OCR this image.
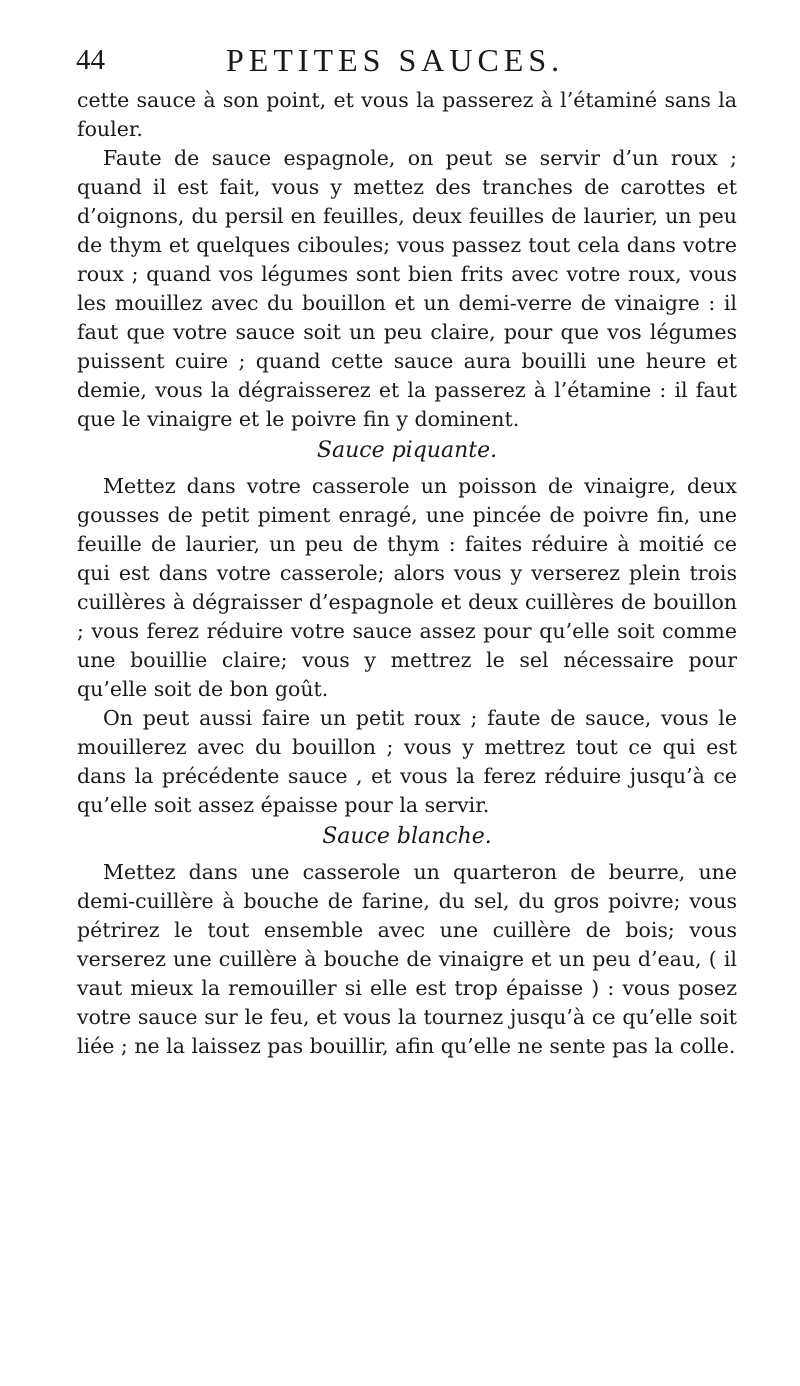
44	PETITES SAUCES.

cette sauce à son point, et vous la passerez à l’étaminé sans la fouler.

Faute de sauce espagnole, on peut se servir d’un roux ; quand il est fait, vous y mettez des tranches de carottes et d’oignons, du persil en feuilles, deux feuilles de laurier, un peu de thym et quelques ciboules; vous passez tout cela dans votre roux ; quand vos légumes sont bien frits avec votre roux, vous les mouillez avec du bouillon et un demi-verre de vinaigre : il faut que votre sauce soit un peu claire, pour que vos légumes puissent cuire ; quand cette sauce aura bouilli une heure et demie, vous la dégraisserez et la passerez à l’étamine : il faut que le vinaigre et le poivre fin y dominent.

Sauce piquante.

Mettez dans votre casserole un poisson de vinaigre, deux gousses de petit piment enragé, une pincée de poivre fin, une feuille de laurier, un peu de thym : faites réduire à moitié ce qui est dans votre casserole; alors vous y verserez plein trois cuillères à dégraisser d’espagnole et deux cuillères de bouillon ; vous ferez réduire votre sauce assez pour qu’elle soit comme une bouillie claire; vous y mettrez le sel nécessaire pour qu’elle soit de bon goût.

On peut aussi faire un petit roux ; faute de sauce, vous le mouillerez avec du bouillon ; vous y mettrez tout ce qui est dans la précédente sauce , et vous la ferez réduire jusqu’à ce qu’elle soit assez épaisse pour la servir.

Sauce blanche.

Mettez dans une casserole un quarteron de beurre, une demi-cuillère à bouche de farine, du sel, du gros poivre; vous pétrirez le tout ensemble avec une cuillère de bois; vous verserez une cuillère à bouche de vinaigre et un peu d’eau, ( il vaut mieux la remouiller si elle est trop épaisse ) : vous posez votre sauce sur le feu, et vous la tournez jusqu’à ce qu’elle soit liée ; ne la laissez pas bouillir, afin qu’elle ne sente pas la colle.
